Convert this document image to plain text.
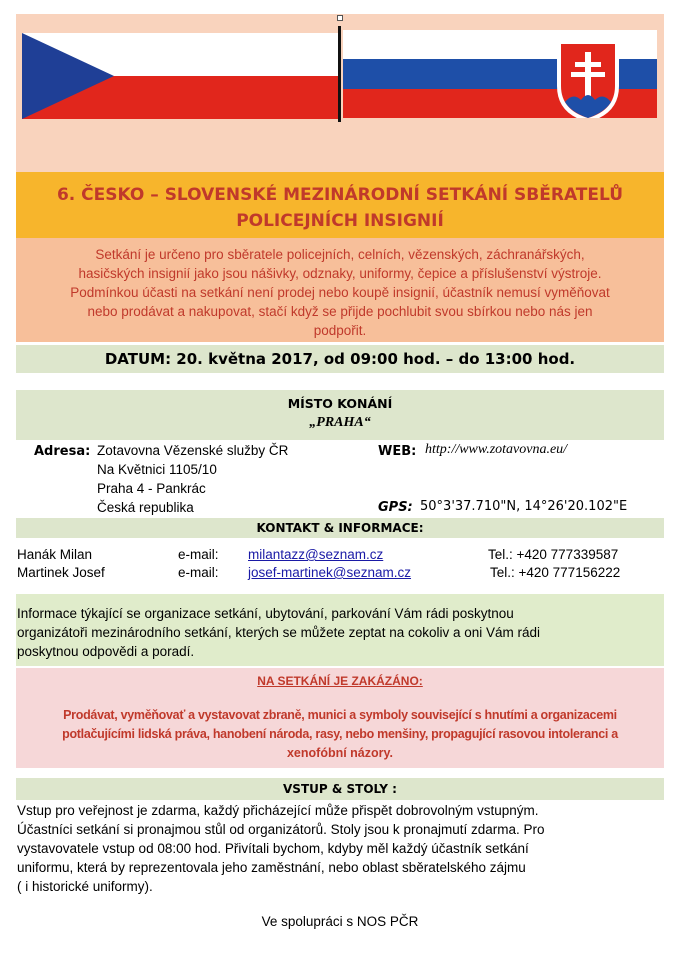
6. ČESKO – SLOVENSKÉ MEZINÁRODNÍ SETKÁNÍ SBĚRATELŮ
POLICEJNÍCH INSIGNIÍ
Setkání je určeno pro sběratele policejních, celních, vězenských, záchranářských,
hasičských insignií jako jsou nášivky, odznaky, uniformy, čepice a příslušenství výstroje.
Podmínkou účasti na setkání není prodej nebo koupě insignií, účastník nemusí vyměňovat
nebo prodávat a nakupovat, stačí když se přijde pochlubit svou sbírkou nebo nás jen
podpořit.
DATUM: 20. května 2017, od 09:00 hod. – do 13:00 hod.
MÍSTO KONÁNÍ
„PRAHA“
Adresa: Zotavovna Vězenské služby ČR
Na Květnici 1105/10
Praha 4 - Pankrác
Česká republika
WEB: http://www.zotavovna.eu/
GPS: 50°3'37.710"N, 14°26'20.102"E
KONTAKT & INFORMACE:
Hanák Milan	e-mail: milantazz@seznam.cz	Tel.: +420 777339587
Martinek Josef	e-mail: josef-martinek@seznam.cz	Tel.: +420 777156222
Informace týkající se organizace setkání, ubytování, parkování Vám rádi poskytnou
organizátoři mezinárodního setkání, kterých se můžete zeptat na cokoliv a oni Vám rádi
poskytnou odpovědi a poradí.
NA SETKÁNÍ JE ZAKÁZÁNO:
Prodávat, vyměňovať a vystavovat zbraně, munici a symboly související s hnutími a organizacemi
potlačujícími lidská práva, hanobení národa, rasy, nebo menšiny, propagující rasovou intoleranci a
xenofóbní názory.
VSTUP & STOLY :
Vstup pro veřejnost je zdarma, každý přicházející může přispět dobrovolným vstupným.
Účastníci setkání si pronajmou stůl od organizátorů. Stoly jsou k pronajmutí zdarma. Pro
vystavovatele vstup od 08:00 hod. Přivítali bychom, kdyby měl každý účastník setkání
uniformu, která by reprezentovala jeho zaměstnání, nebo oblast sběratelského zájmu
( i historické uniformy).
Ve spolupráci s NOS PČR
